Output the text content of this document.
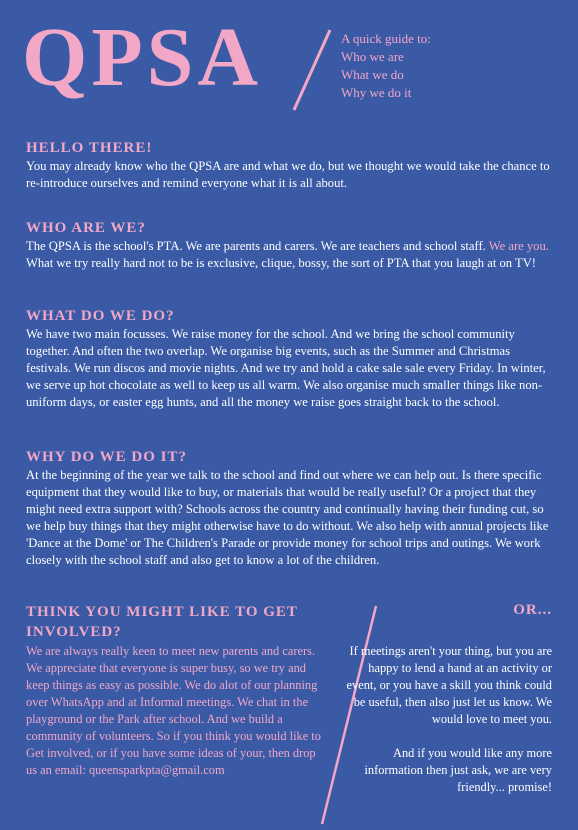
QPSA	A quick guide to:
Who we are
What we do
Why we do it
HELLO THERE!

You may already know who the QPSA are and what we do, but we thought we would take the chance to re-introduce ourselves and remind everyone what it is all about.

WHO ARE WE?

The QPSA is the school's PTA. We are parents and carers. We are teachers and school staff. We are you. What we try really hard not to be is exclusive, clique, bossy, the sort of PTA that you laugh at on TV!

WHAT DO WE DO?

We have two main focusses. We raise money for the school. And we bring the school community together. And often the two overlap. We organise big events, such as the Summer and Christmas festivals. We run discos and movie nights. And we try and hold a cake sale sale every Friday. In winter, we serve up hot chocolate as well to keep us all warm. We also organise much smaller things like non-uniform days, or easter egg hunts, and all the money we raise goes straight back to the school.

WHY DO WE DO IT?

At the beginning of the year we talk to the school and find out where we can help out. Is there specific equipment that they would like to buy, or materials that would be really useful? Or a project that they might need extra support with? Schools across the country and continually having their funding cut, so we help buy things that they might otherwise have to do without. We also help with annual projects like 'Dance at the Dome' or The Children's Parade or provide money for school trips and outings. We work closely with the school staff and also get to know a lot of the children.

THINK YOU MIGHT LIKE TO GET INVOLVED?

We are always really keen to meet new parents and carers. We appreciate that everyone is super busy, so we try and keep things as easy as possible. We do alot of our planning over WhatsApp and at Informal meetings. We chat in the playground or the Park after school. And we build a community of volunteers. So if you think you would like to Get involved, or if you have some ideas of your, then drop us an email: queensparkpta@gmail.com

OR...

If meetings aren't your thing, but you are happy to lend a hand at an activity or event, or you have a skill you think could be useful, then also just let us know. We would love to meet you.

And if you would like any more information then just ask, we are very friendly... promise!
